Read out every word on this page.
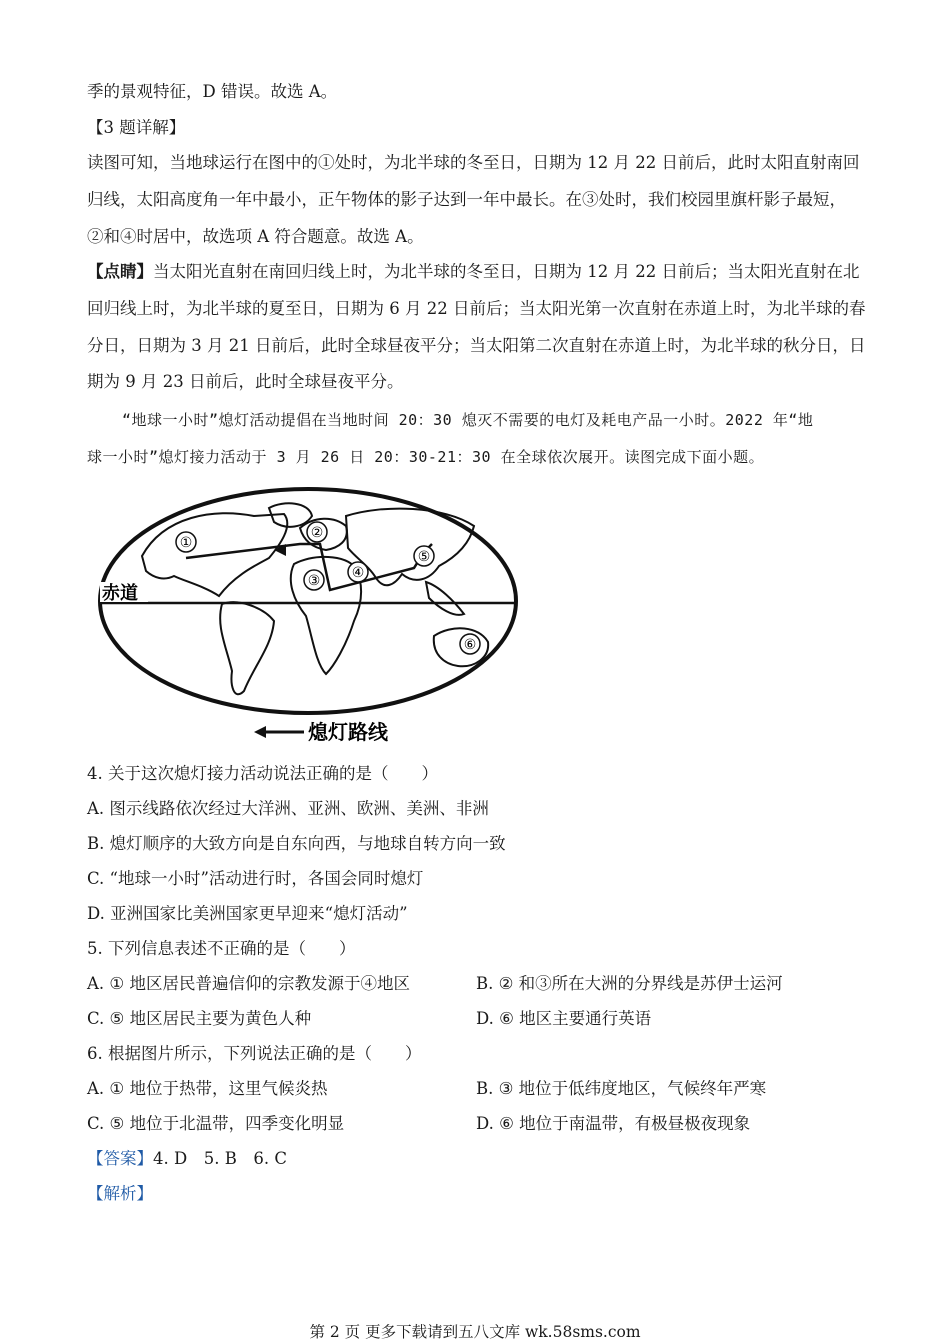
季的景观特征，D 错误。故选 A。
【3 题详解】
读图可知，当地球运行在图中的①处时，为北半球的冬至日，日期为 12 月 22 日前后，此时太阳直射南回
归线，太阳高度角一年中最小，正午物体的影子达到一年中最长。在③处时，我们校园里旗杆影子最短，
②和④时居中，故选项 A 符合题意。故选 A。
【点睛】当太阳光直射在南回归线上时，为北半球的冬至日，日期为 12 月 22 日前后；当太阳光直射在北
回归线上时，为北半球的夏至日，日期为 6 月 22 日前后；当太阳光第一次直射在赤道上时，为北半球的春
分日，日期为 3 月 21 日前后，此时全球昼夜平分；当太阳第二次直射在赤道上时，为北半球的秋分日，日
期为 9 月 23 日前后，此时全球昼夜平分。
“地球一小时”熄灯活动提倡在当地时间 20：30 熄灭不需要的电灯及耗电产品一小时。2022 年“地
球一小时”熄灯接力活动于 3 月 26 日 20：30-21：30 在全球依次展开。读图完成下面小题。
①
②
③ ④
⑤
⑥
赤道
熄灯路线
4. 关于这次熄灯接力活动说法正确的是（　　）
A. 图示线路依次经过大洋洲、亚洲、欧洲、美洲、非洲
B. 熄灯顺序的大致方向是自东向西，与地球自转方向一致
C. “地球一小时”活动进行时，各国会同时熄灯
D. 亚洲国家比美洲国家更早迎来“熄灯活动”
5. 下列信息表述不正确的是（　　）
A. ① 地区居民普遍信仰的宗教发源于④地区	B. ② 和③所在大洲的分界线是苏伊士运河
C. ⑤ 地区居民主要为黄色人种	D. ⑥ 地区主要通行英语
6. 根据图片所示，下列说法正确的是（　　）
A. ① 地位于热带，这里气候炎热	B. ③ 地位于低纬度地区，气候终年严寒
C. ⑤ 地位于北温带，四季变化明显	D. ⑥ 地位于南温带，有极昼极夜现象
【答案】4. D　5. B　6. C
【解析】
第 2 页 更多下载请到五八文库 wk.58sms.com
